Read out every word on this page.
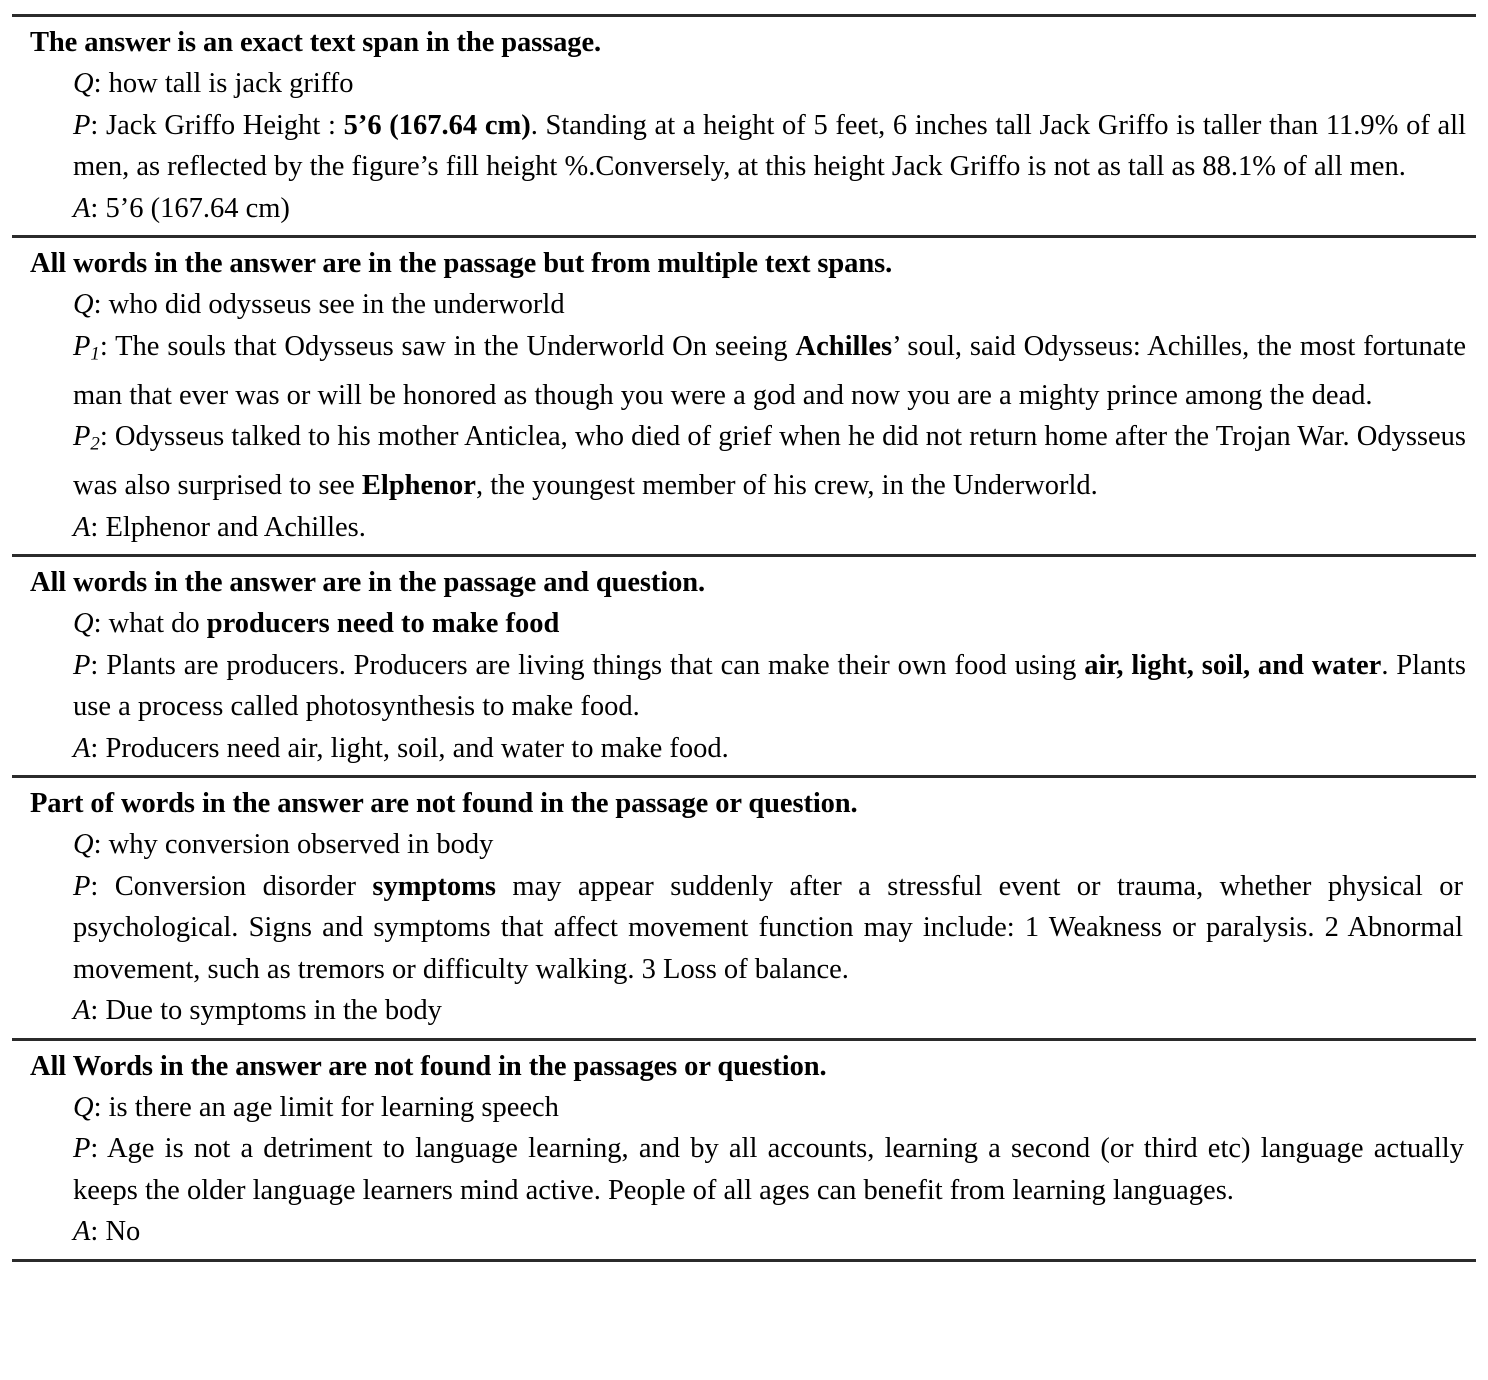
The answer is an exact text span in the passage.
Q: how tall is jack griffo
P: Jack Griffo Height : 5’6 (167.64 cm). Standing at a height of 5 feet, 6 inches tall Jack Griffo is taller than 11.9% of all men, as reflected by the figure’s fill height %.Conversely, at this height Jack Griffo is not as tall as 88.1% of all men.
A: 5’6 (167.64 cm)
All words in the answer are in the passage but from multiple text spans.
Q: who did odysseus see in the underworld
$P_1$: The souls that Odysseus saw in the Underworld On seeing Achilles’ soul, said Odysseus: Achilles, the most fortunate man that ever was or will be honored as though you were a god and now you are a mighty prince among the dead.
$P_2$: Odysseus talked to his mother Anticlea, who died of grief when he did not return home after the Trojan War. Odysseus was also surprised to see Elphenor, the youngest member of his crew, in the Underworld.
A: Elphenor and Achilles.
All words in the answer are in the passage and question.
Q: what do producers need to make food
P: Plants are producers. Producers are living things that can make their own food using air, light, soil, and water. Plants use a process called photosynthesis to make food.
A: Producers need air, light, soil, and water to make food.
Part of words in the answer are not found in the passage or question.
Q: why conversion observed in body
P: Conversion disorder symptoms may appear suddenly after a stressful event or trauma, whether physical or psychological. Signs and symptoms that affect movement function may include: 1 Weakness or paralysis. 2 Abnormal movement, such as tremors or difficulty walking. 3 Loss of balance.
A: Due to symptoms in the body
All Words in the answer are not found in the passages or question.
Q: is there an age limit for learning speech
P: Age is not a detriment to language learning, and by all accounts, learning a second (or third etc) language actually keeps the older language learners mind active. People of all ages can benefit from learning languages.
A: No
